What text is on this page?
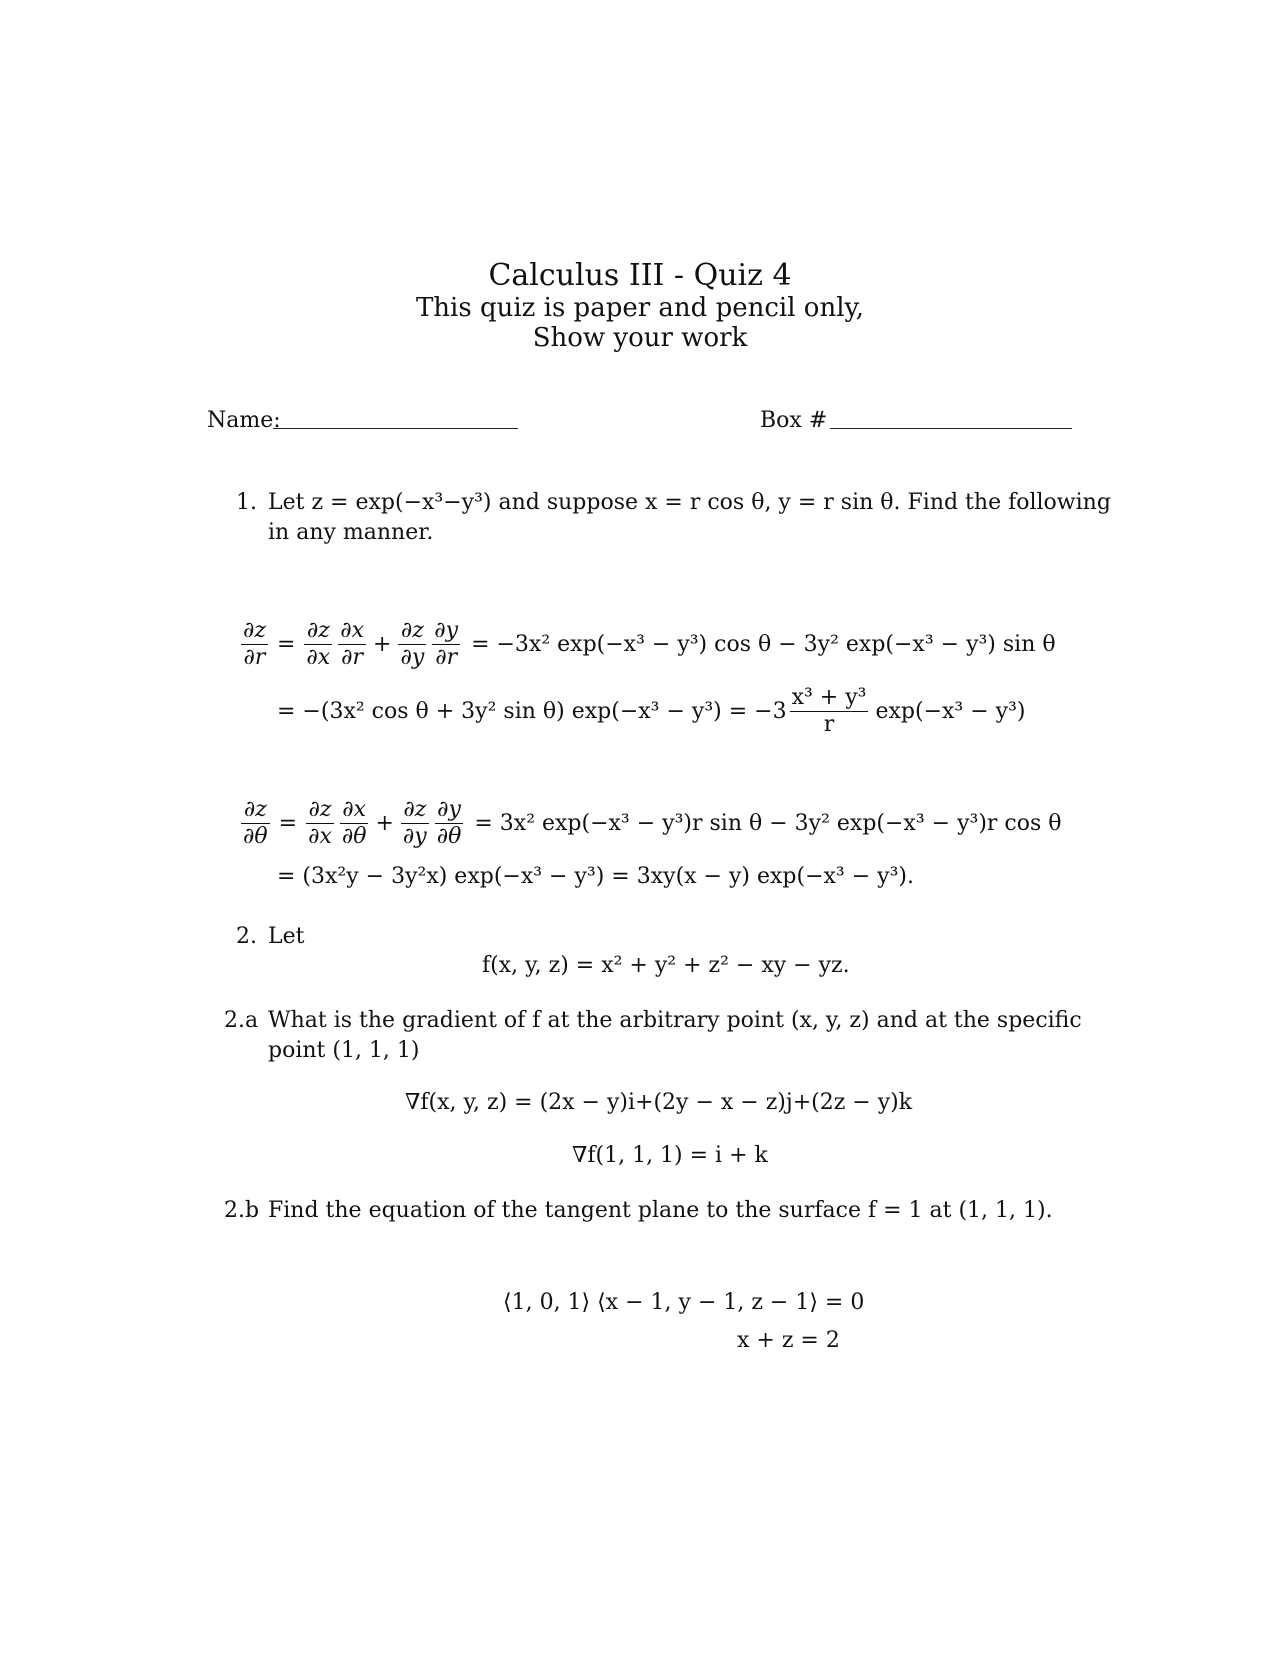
Calculus III - Quiz 4
This quiz is paper and pencil only,
Show your work
Name:	Box #
1. Let z = exp(−x³−y³) and suppose x = r cos θ, y = r sin θ. Find the following
in any manner.
$\frac{\partial z}{\partial r} = \frac{\partial z}{\partial x} \frac{\partial x}{\partial r} + \frac{\partial z}{\partial y} \frac{\partial y}{\partial r} = -3x^2$ exp(−x³ − y³) cos θ − 3y² exp(−x³ − y³) sin θ
= −(3x² cos θ + 3y² sin θ) $\exp(-x^3 - y^3) = -3 \frac{\text{x³ + y³}}{r} \exp(-x^3 - y^3)$
$\frac{\partial z}{\partial\theta} = \frac{\partial z}{\partial x} \frac{\partial x}{\partial\theta} + \frac{\partial z}{\partial y} \frac{\partial y}{\partial\theta} = 3x^2$ exp(−x³ − y³)r sin θ − 3y² exp(−x³ − y³)r cos θ
= (3x²y − 3y²x) exp(−x³ − y³) = 3xy(x − y) exp(−x³ − y³).
2. Let
f(x, y, z) = x² + y² + z² − xy − yz.
2.a What is the gradient of f at the arbitrary point (x, y, z) and at the specific
point (1, 1, 1)
∇f(x, y, z) = (2x − y)i+(2y − x − z)j+(2z − y)k
∇f(1, 1, 1) = i + k
2.b Find the equation of the tangent plane to the surface f = 1 at (1, 1, 1).
⟨1, 0, 1⟩ ⟨x − 1, y − 1, z − 1⟩ = 0
x + z = 2
